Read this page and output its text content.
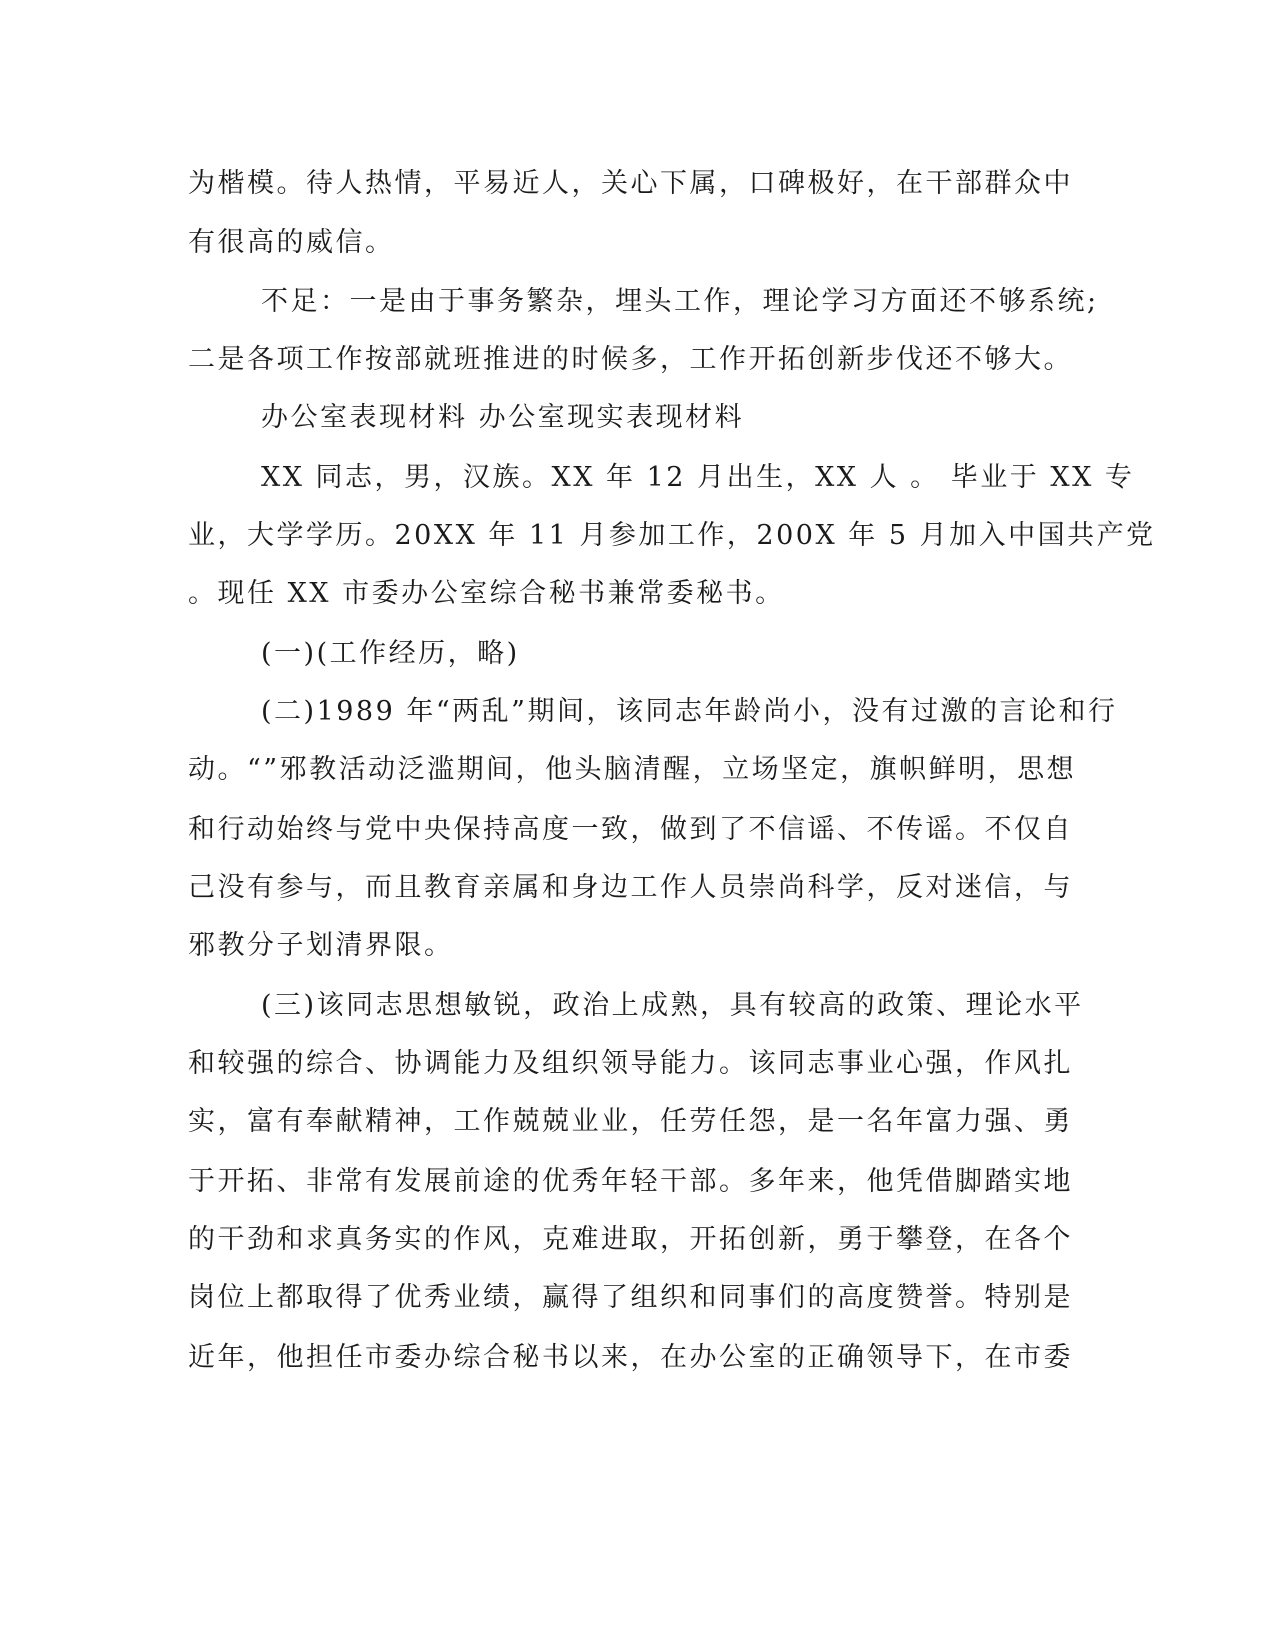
为楷模。待人热情，平易近人，关心下属，口碑极好，在干部群众中

有很高的威信。

不足：一是由于事务繁杂，埋头工作，理论学习方面还不够系统;

二是各项工作按部就班推进的时候多，工作开拓创新步伐还不够大。

办公室表现材料 办公室现实表现材料

XX 同志，男，汉族。XX 年 12 月出生，XX 人 。 毕业于 XX 专

业，大学学历。20XX 年 11 月参加工作，200X 年 5 月加入中国共产党

。现任 XX 市委办公室综合秘书兼常委秘书。

(一)(工作经历，略)

(二)1989 年“两乱”期间，该同志年龄尚小，没有过激的言论和行

动。“”邪教活动泛滥期间，他头脑清醒，立场坚定，旗帜鲜明，思想

和行动始终与党中央保持高度一致，做到了不信谣、不传谣。不仅自

己没有参与，而且教育亲属和身边工作人员崇尚科学，反对迷信，与

邪教分子划清界限。

(三)该同志思想敏锐，政治上成熟，具有较高的政策、理论水平

和较强的综合、协调能力及组织领导能力。该同志事业心强，作风扎

实，富有奉献精神，工作兢兢业业，任劳任怨，是一名年富力强、勇

于开拓、非常有发展前途的优秀年轻干部。多年来，他凭借脚踏实地

的干劲和求真务实的作风，克难进取，开拓创新，勇于攀登，在各个

岗位上都取得了优秀业绩，赢得了组织和同事们的高度赞誉。特别是

近年，他担任市委办综合秘书以来，在办公室的正确领导下，在市委
